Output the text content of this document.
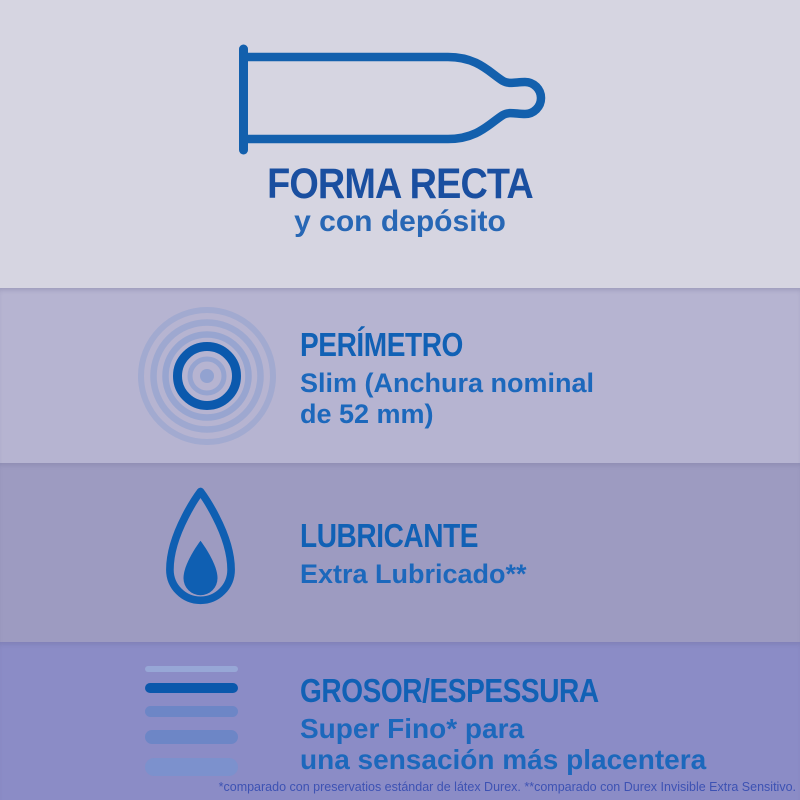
FORMA RECTA
y con depósito
PERÍMETRO
Slim (Anchura nominal
de 52 mm)
LUBRICANTE
Extra Lubricado**
GROSOR/ESPESSURA
Super Fino* para
una sensación más placentera
*comparado con preservatios estándar de látex Durex. **comparado con Durex Invisible Extra Sensitivo.
